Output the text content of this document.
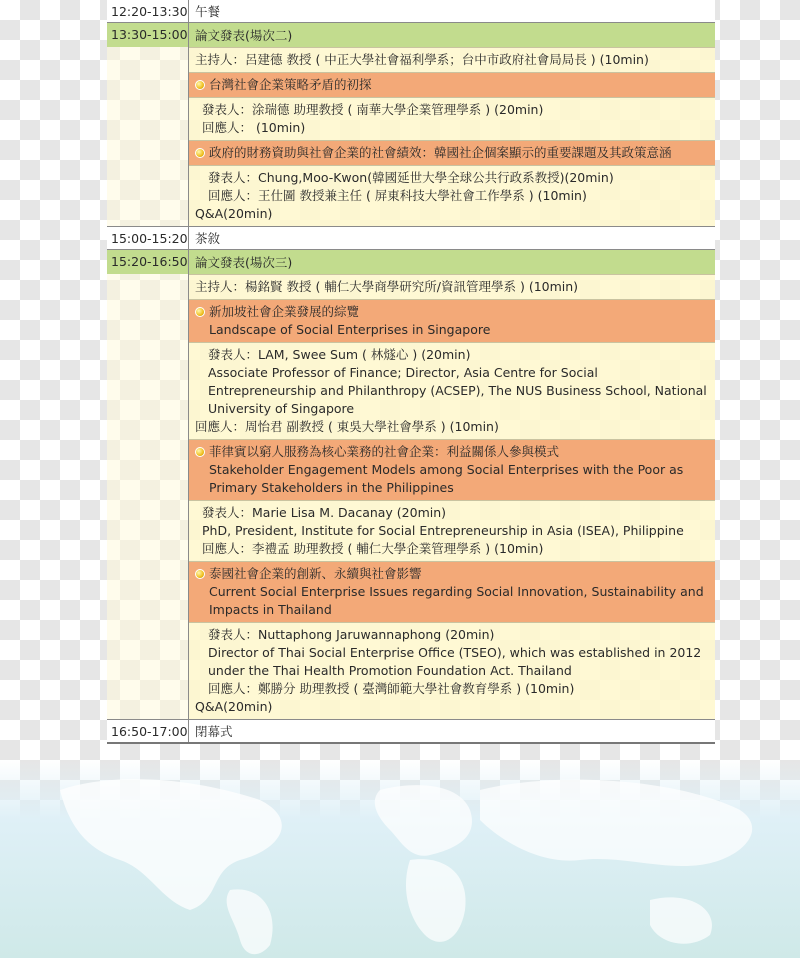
12:20-13:30 午餐
13:30-15:00 論文發表(場次二)
主持人：呂建德 教授 ( 中正大學社會福利學系；台中市政府社會局局長 ) (10min)
台灣社會企業策略矛盾的初探
發表人：涂瑞德 助理教授 ( 南華大學企業管理學系 ) (20min)
回應人： (10min)
政府的財務資助與社會企業的社會績效：韓國社企個案顯示的重要課題及其政策意涵
發表人：Chung,Moo-Kwon(韓國延世大學全球公共行政系教授)(20min)
回應人：王仕圖 教授兼主任 ( 屏東科技大學社會工作學系 ) (10min)
Q&A(20min)
15:00-15:20 茶敘
15:20-16:50 論文發表(場次三)
主持人：楊銘賢 教授 ( 輔仁大學商學研究所/資訊管理學系 ) (10min)
新加坡社會企業發展的綜覽
Landscape of Social Enterprises in Singapore
發表人：LAM, Swee Sum ( 林燧心 ) (20min)
Associate Professor of Finance; Director, Asia Centre for Social Entrepreneurship and Philanthropy (ACSEP), The NUS Business School, National University of Singapore
回應人：周怡君 副教授 ( 東吳大學社會學系 ) (10min)
菲律賓以窮人服務為核心業務的社會企業：利益關係人參與模式
Stakeholder Engagement Models among Social Enterprises with the Poor as Primary Stakeholders in the Philippines
發表人：Marie Lisa M. Dacanay (20min)
PhD, President, Institute for Social Entrepreneurship in Asia (ISEA), Philippine
回應人：李禮孟 助理教授 ( 輔仁大學企業管理學系 ) (10min)
泰國社會企業的創新、永續與社會影響
Current Social Enterprise Issues regarding Social Innovation, Sustainability and Impacts in Thailand
發表人：Nuttaphong Jaruwannaphong (20min)
Director of Thai Social Enterprise Office (TSEO), which was established in 2012 under the Thai Health Promotion Foundation Act. Thailand
回應人：鄭勝分 助理教授 ( 臺灣師範大學社會教育學系 ) (10min)
Q&A(20min)
16:50-17:00 閉幕式
